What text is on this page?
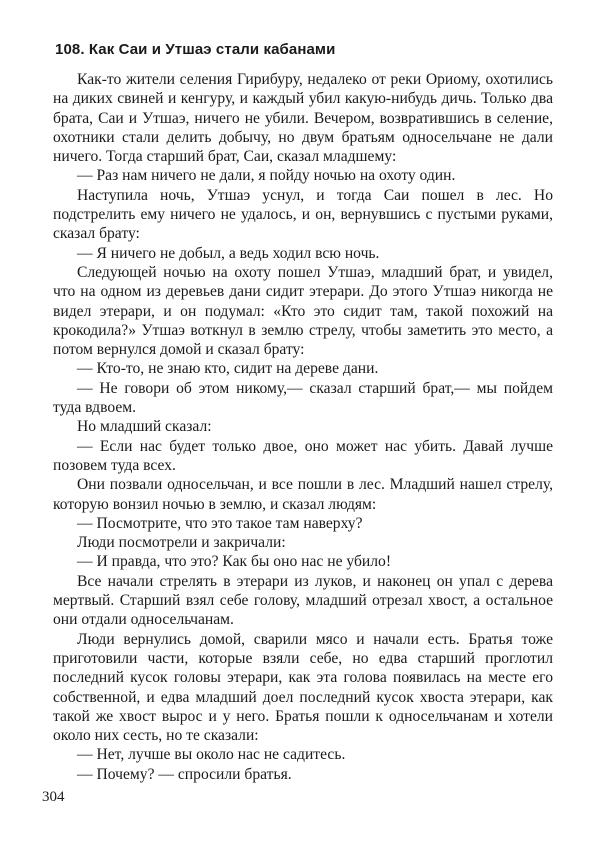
108. Как Саи и Утшаэ стали кабанами

Как-то жители селения Гирибуру, недалеко от реки Ориому, охотились на диких свиней и кенгуру, и каждый убил какую-нибудь дичь. Только два брата, Саи и Утшаэ, ничего не убили. Вечером, возвратившись в селение, охотники стали делить добычу, но двум братьям односельчане не дали ничего. Тогда старший брат, Саи, сказал младшему:

— Раз нам ничего не дали, я пойду ночью на охоту один.

Наступила ночь, Утшаэ уснул, и тогда Саи пошел в лес. Но подстрелить ему ничего не удалось, и он, вернувшись с пустыми руками, сказал брату:

— Я ничего не добыл, а ведь ходил всю ночь.

Следующей ночью на охоту пошел Утшаэ, младший брат, и увидел, что на одном из деревьев дани сидит этерари. До этого Утшаэ никогда не видел этерари, и он подумал: «Кто это сидит там, такой похожий на крокодила?» Утшаэ воткнул в землю стрелу, чтобы заметить это место, а потом вернулся домой и сказал брату:

— Кто-то, не знаю кто, сидит на дереве дани.

— Не говори об этом никому,— сказал старший брат,— мы пойдем туда вдвоем.

Но младший сказал:

— Если нас будет только двое, оно может нас убить. Давай лучше позовем туда всех.

Они позвали односельчан, и все пошли в лес. Младший нашел стрелу, которую вонзил ночью в землю, и сказал людям:

— Посмотрите, что это такое там наверху?

Люди посмотрели и закричали:

— И правда, что это? Как бы оно нас не убило!

Все начали стрелять в этерари из луков, и наконец он упал с дерева мертвый. Старший взял себе голову, младший отрезал хвост, а остальное они отдали односельчанам.

Люди вернулись домой, сварили мясо и начали есть. Братья тоже приготовили части, которые взяли себе, но едва старший проглотил последний кусок головы этерари, как эта голова появилась на месте его собственной, и едва младший доел последний кусок хвоста этерари, как такой же хвост вырос и у него. Братья пошли к односельчанам и хотели около них сесть, но те сказали:

— Нет, лучше вы около нас не садитесь.

— Почему? — спросили братья.

304
